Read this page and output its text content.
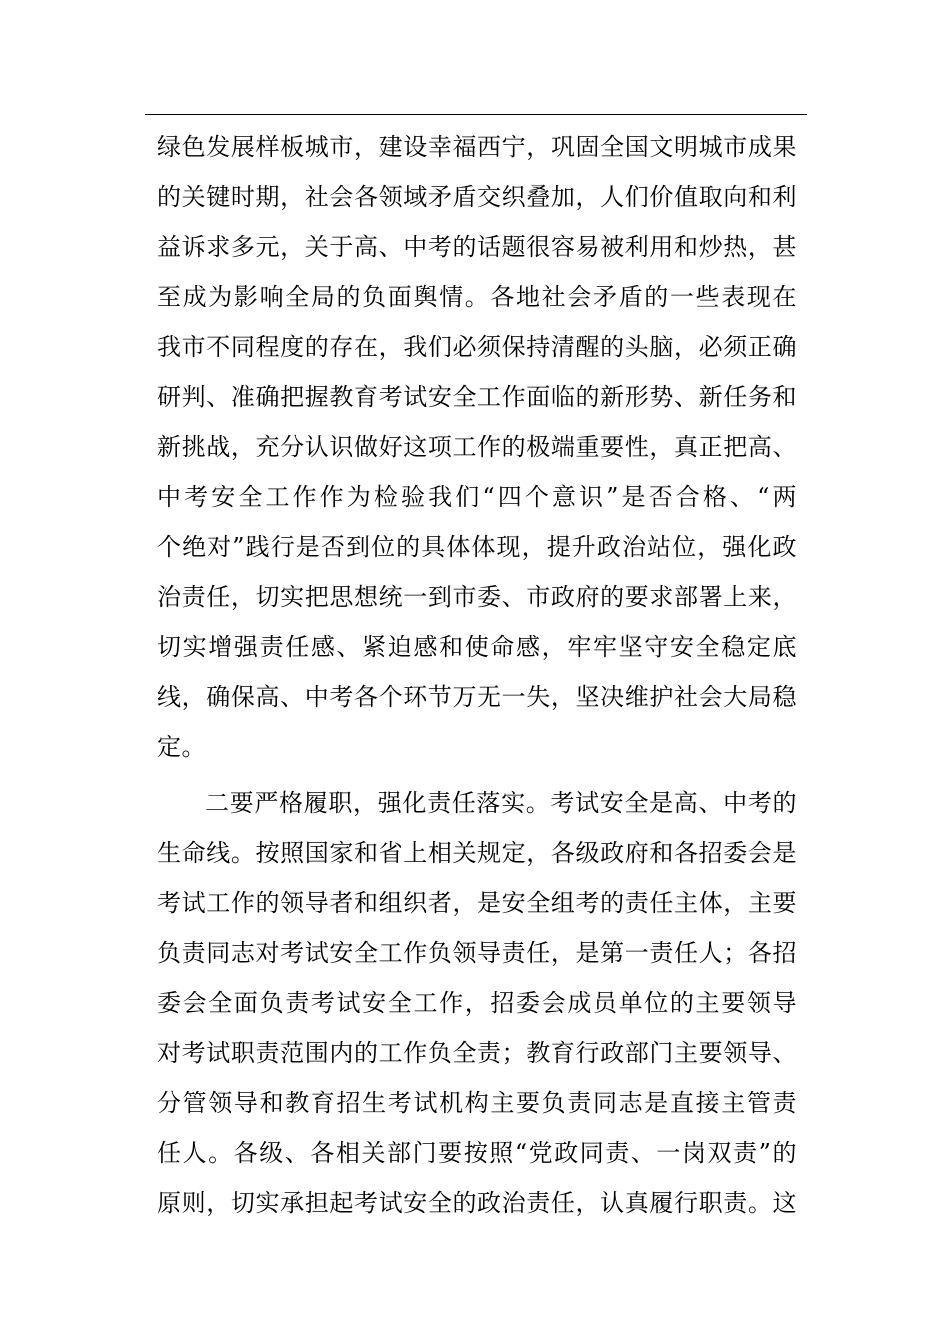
绿色发展样板城市，建设幸福西宁，巩固全国文明城市成果
的关键时期，社会各领域矛盾交织叠加，人们价值取向和利
益诉求多元，关于高、中考的话题很容易被利用和炒热，甚
至成为影响全局的负面舆情。各地社会矛盾的一些表现在
我市不同程度的存在，我们必须保持清醒的头脑，必须正确
研判、准确把握教育考试安全工作面临的新形势、新任务和
新挑战，充分认识做好这项工作的极端重要性，真正把高、
中考安全工作作为检验我们“四个意识”是否合格、“两
个绝对”践行是否到位的具体体现，提升政治站位，强化政
治责任，切实把思想统一到市委、市政府的要求部署上来，
切实增强责任感、紧迫感和使命感，牢牢坚守安全稳定底
线，确保高、中考各个环节万无一失，坚决维护社会大局稳
定。
二要严格履职，强化责任落实。考试安全是高、中考的
生命线。按照国家和省上相关规定，各级政府和各招委会是
考试工作的领导者和组织者，是安全组考的责任主体，主要
负责同志对考试安全工作负领导责任，是第一责任人；各招
委会全面负责考试安全工作，招委会成员单位的主要领导
对考试职责范围内的工作负全责；教育行政部门主要领导、
分管领导和教育招生考试机构主要负责同志是直接主管责
任人。各级、各相关部门要按照“党政同责、一岗双责”的
原则，切实承担起考试安全的政治责任，认真履行职责。这
